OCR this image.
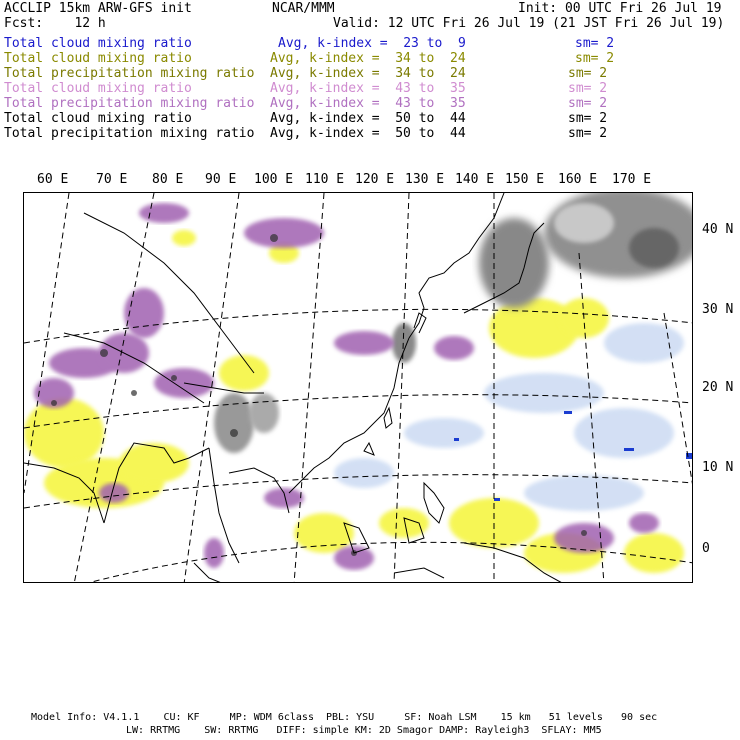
ACCLIP 15km ARW-GFS init	NCAR/MMM	Init: 00 UTC Fri 26 Jul 19
Fcst:    12 h	Valid: 12 UTC Fri 26 Jul 19 (21 JST Fri 26 Jul 19)
Total cloud mixing ratio	Avg, k-index =  23 to  9	sm= 2
Total cloud mixing ratio	Avg, k-index =  34 to  24	sm= 2
Total precipitation mixing ratio Avg, k-index =  34 to  24	sm= 2
Total cloud mixing ratio	Avg, k-index =  43 to  35	sm= 2
Total precipitation mixing ratio Avg, k-index =  43 to  35	sm= 2
Total cloud mixing ratio	Avg, k-index =  50 to  44	sm= 2
Total precipitation mixing ratio Avg, k-index =  50 to  44	sm= 2
60 E 70 E 80 E 90 E 100 E 110 E 120 E 130 E 140 E 150 E 160 E 170 E
40 N
30 N
20 N
10 N
0
Model Info: V4.1.1    CU: KF     MP: WDM 6class  PBL: YSU     SF: Noah LSM    15 km   51 levels   90 sec
LW: RRTMG    SW: RRTMG   DIFF: simple KM: 2D Smagor DAMP: Rayleigh3  SFLAY: MM5
